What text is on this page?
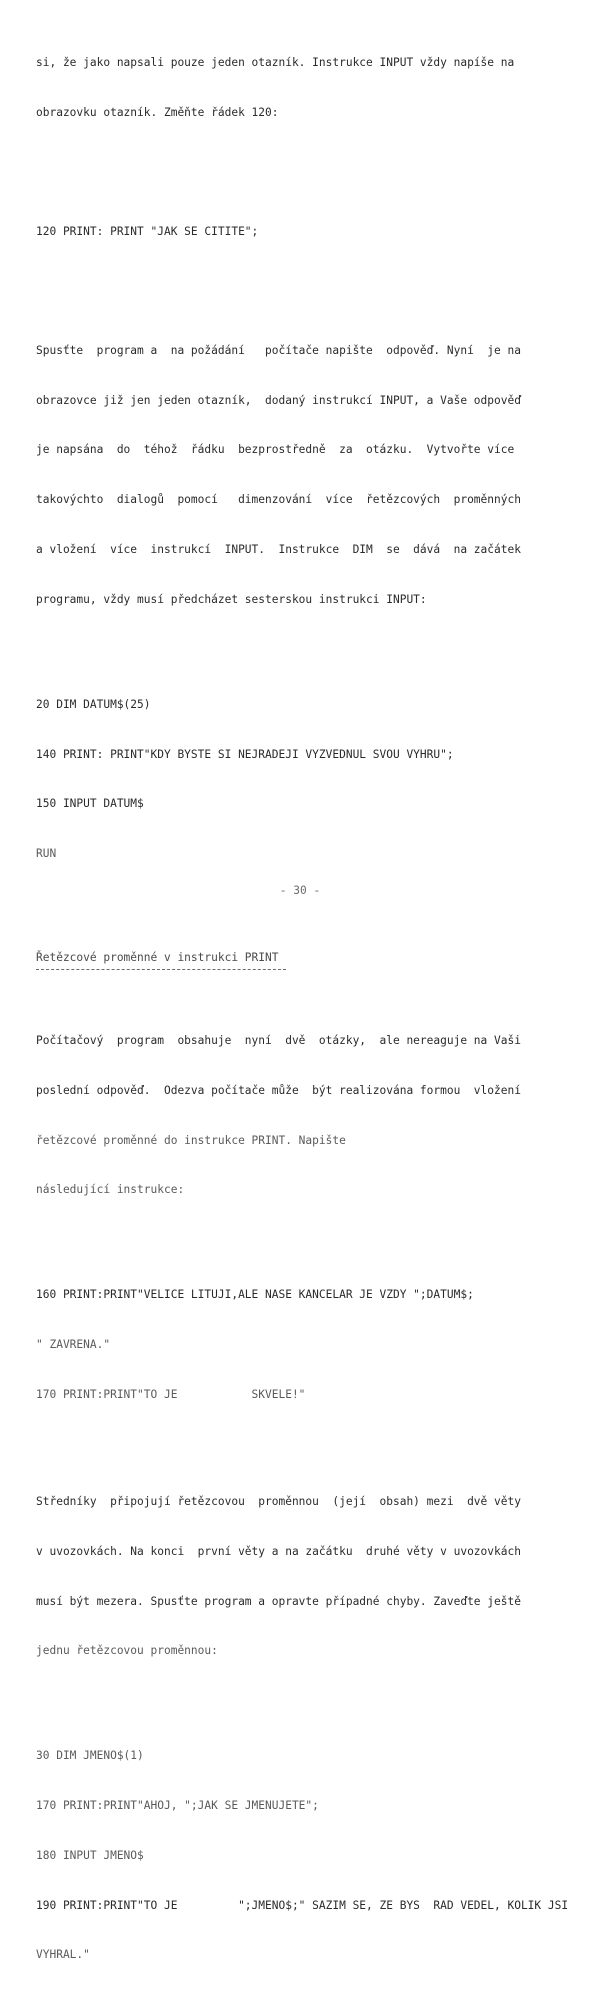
si, že jako napsali pouze jeden otazník. Instrukce INPUT vždy napíše na

obrazovku otazník. Změňte řádek 120:

120 PRINT: PRINT "JAK SE CITITE";

Spusťte  program a  na požádání   počítače napište  odpověď. Nyní  je na

obrazovce již jen jeden otazník,  dodaný instrukcí INPUT, a Vaše odpověď

je napsána  do  téhož  řádku  bezprostředně  za  otázku.  Vytvořte více

takovýchto  dialogů  pomocí   dimenzování  více  řetězcových  proměnných

a vložení  více  instrukcí  INPUT.  Instrukce  DIM  se  dává  na začátek

programu, vždy musí předcházet sesterskou instrukci INPUT:

20 DIM DATUM$(25)

140 PRINT: PRINT"KDY BYSTE SI NEJRADEJI VYZVEDNUL SVOU VYHRU";

150 INPUT DATUM$

RUN

Řetězcové proměnné v instrukci PRINT

Počítačový  program  obsahuje  nyní  dvě  otázky,  ale nereaguje na Vaši

poslední odpověď.  Odezva počítače může  být realizována formou  vložení

řetězcové proměnné do instrukce PRINT. Napište

následující instrukce:

160 PRINT:PRINT"VELICE LITUJI,ALE NASE KANCELAR JE VZDY ";DATUM$;

" ZAVRENA."

170 PRINT:PRINT"TO JE           SKVELE!"

Středníky  připojují řetězcovou  proměnnou  (její  obsah) mezi  dvě věty

v uvozovkách. Na konci  první věty a na začátku  druhé věty v uvozovkách

musí být mezera. Spusťte program a opravte případné chyby. Zaveďte ještě

jednu řetězcovou proměnnou:

30 DIM JMENO$(1)

170 PRINT:PRINT"AHOJ, ";JAK SE JMENUJETE";

180 INPUT JMENO$

190 PRINT:PRINT"TO JE         ";JMENO$;" SAZIM SE, ZE BYS  RAD VEDEL, KOLIK JSI

VYHRAL."

- 30 -
